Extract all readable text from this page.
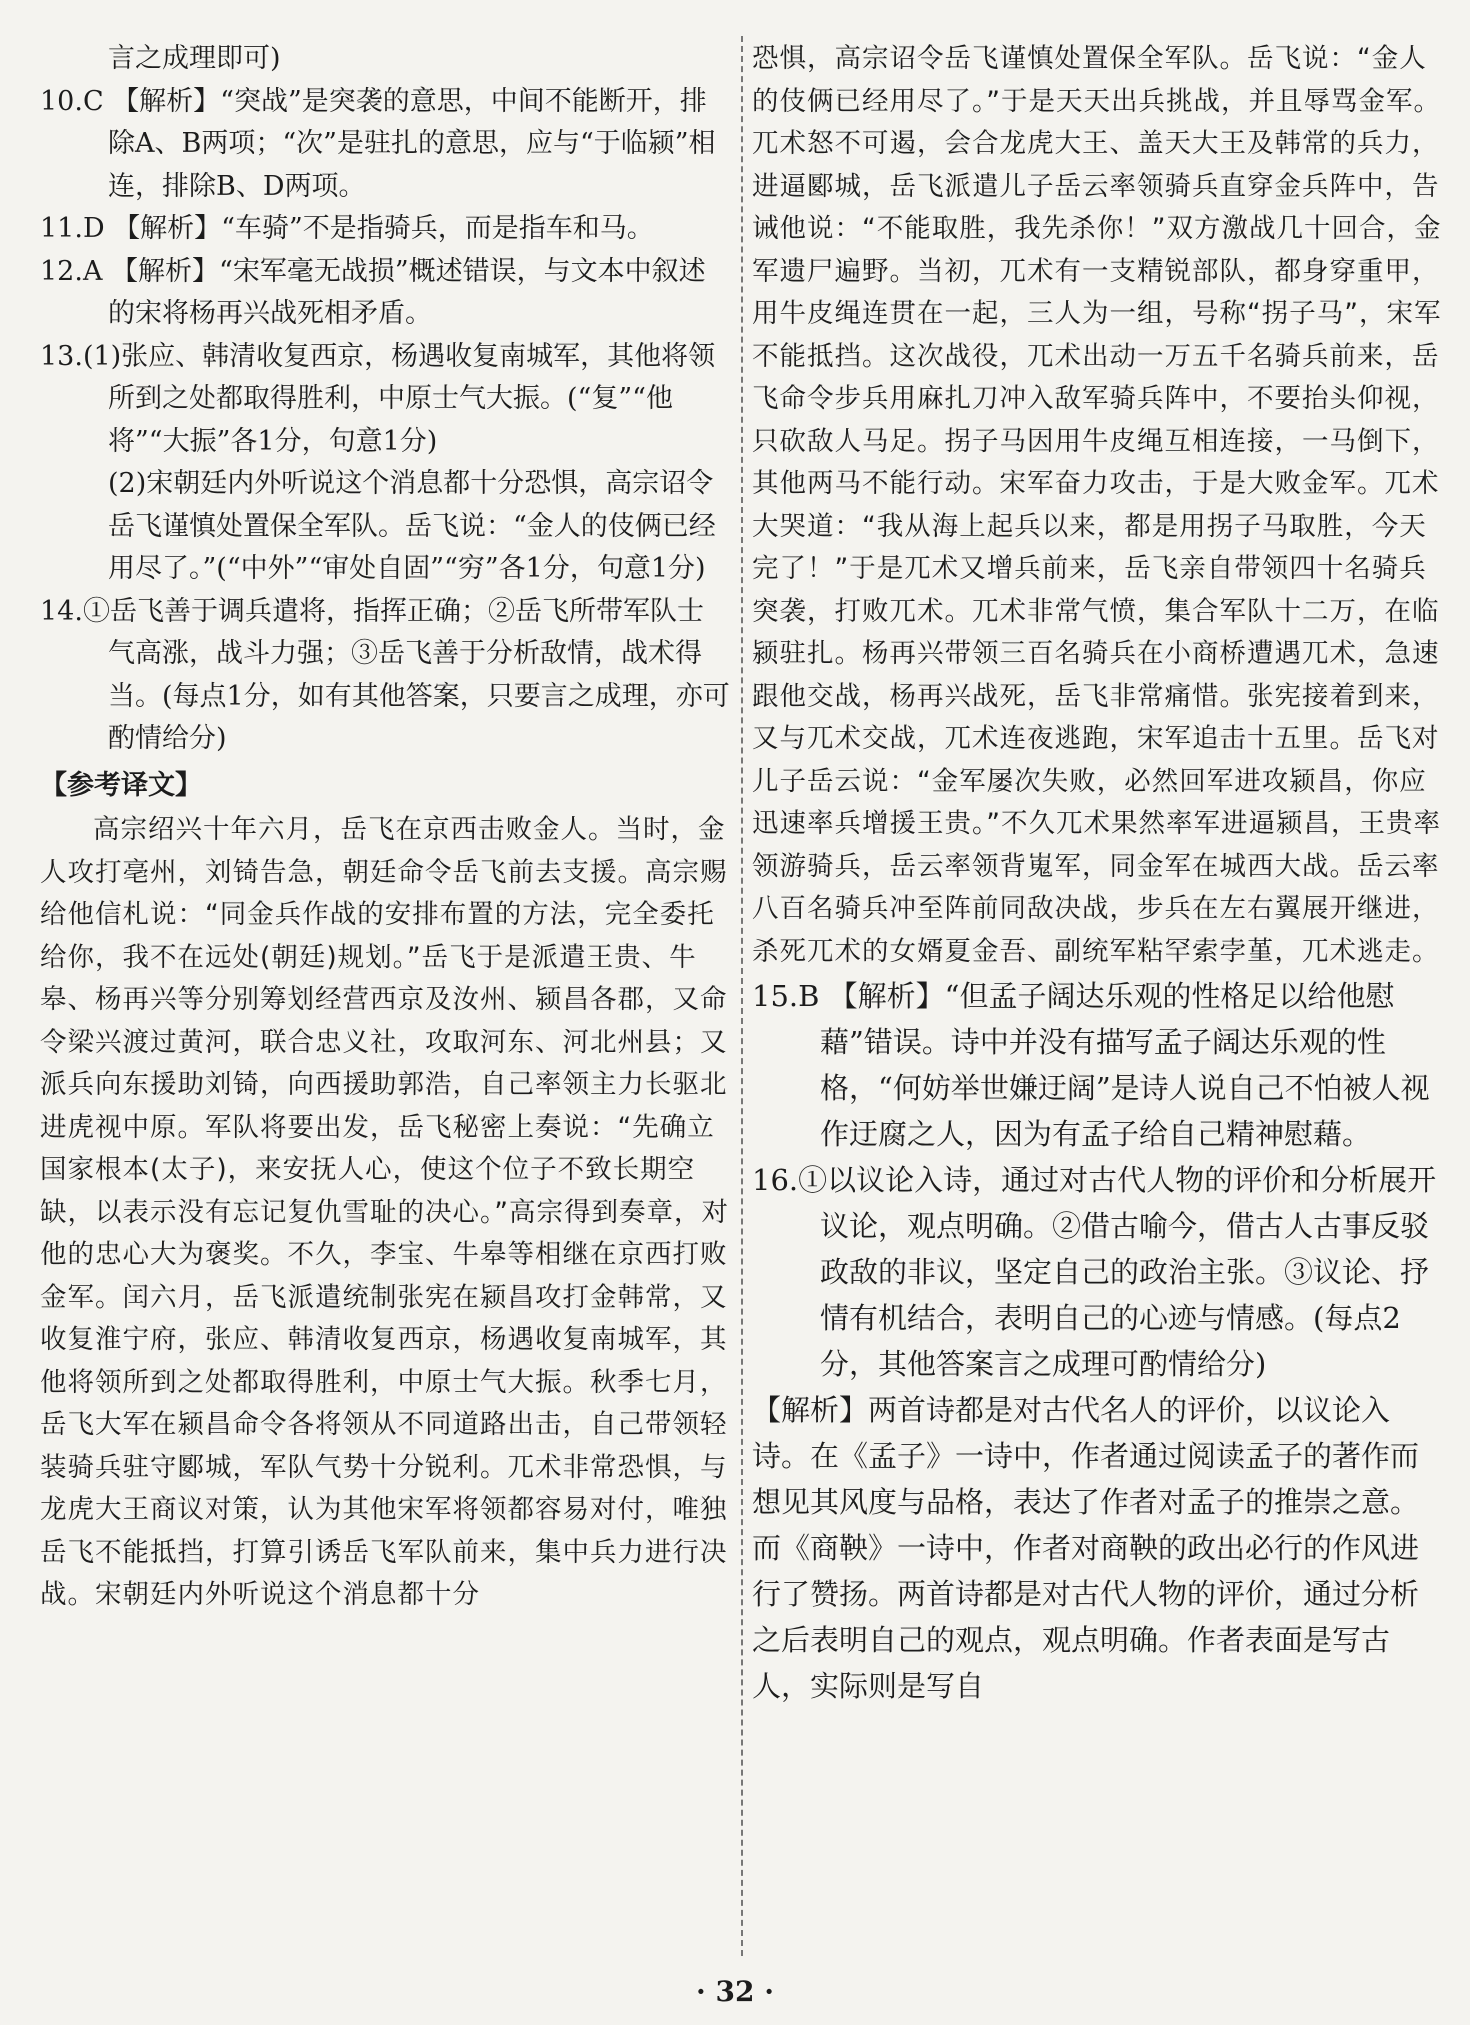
言之成理即可)

10.C 【解析】“突战”是突袭的意思，中间不能断开，排除A、B两项；“次”是驻扎的意思，应与“于临颍”相连，排除B、D两项。

11.D 【解析】“车骑”不是指骑兵，而是指车和马。

12.A 【解析】“宋军毫无战损”概述错误，与文本中叙述的宋将杨再兴战死相矛盾。

13.(1)张应、韩清收复西京，杨遇收复南城军，其他将领所到之处都取得胜利，中原士气大振。(“复”“他将”“大振”各1分，句意1分)

(2)宋朝廷内外听说这个消息都十分恐惧，高宗诏令岳飞谨慎处置保全军队。岳飞说：“金人的伎俩已经用尽了。”(“中外”“审处自固”“穷”各1分，句意1分)

14.①岳飞善于调兵遣将，指挥正确；②岳飞所带军队士气高涨，战斗力强；③岳飞善于分析敌情，战术得当。(每点1分，如有其他答案，只要言之成理，亦可酌情给分)

【参考译文】

高宗绍兴十年六月，岳飞在京西击败金人。当时，金人攻打亳州，刘锜告急，朝廷命令岳飞前去支援。高宗赐给他信札说：“同金兵作战的安排布置的方法，完全委托给你，我不在远处(朝廷)规划。”岳飞于是派遣王贵、牛皋、杨再兴等分别筹划经营西京及汝州、颍昌各郡，又命令梁兴渡过黄河，联合忠义社，攻取河东、河北州县；又派兵向东援助刘锜，向西援助郭浩，自己率领主力长驱北进虎视中原。军队将要出发，岳飞秘密上奏说：“先确立国家根本(太子)，来安抚人心，使这个位子不致长期空缺，以表示没有忘记复仇雪耻的决心。”高宗得到奏章，对他的忠心大为褒奖。不久，李宝、牛皋等相继在京西打败金军。闰六月，岳飞派遣统制张宪在颍昌攻打金韩常，又收复淮宁府，张应、韩清收复西京，杨遇收复南城军，其他将领所到之处都取得胜利，中原士气大振。秋季七月，岳飞大军在颍昌命令各将领从不同道路出击，自己带领轻装骑兵驻守郾城，军队气势十分锐利。兀术非常恐惧，与龙虎大王商议对策，认为其他宋军将领都容易对付，唯独岳飞不能抵挡，打算引诱岳飞军队前来，集中兵力进行决战。宋朝廷内外听说这个消息都十分

恐惧，高宗诏令岳飞谨慎处置保全军队。岳飞说：“金人的伎俩已经用尽了。”于是天天出兵挑战，并且辱骂金军。兀术怒不可遏，会合龙虎大王、盖天大王及韩常的兵力，进逼郾城，岳飞派遣儿子岳云率领骑兵直穿金兵阵中，告诫他说：“不能取胜，我先杀你！”双方激战几十回合，金军遗尸遍野。当初，兀术有一支精锐部队，都身穿重甲，用牛皮绳连贯在一起，三人为一组，号称“拐子马”，宋军不能抵挡。这次战役，兀术出动一万五千名骑兵前来，岳飞命令步兵用麻扎刀冲入敌军骑兵阵中，不要抬头仰视，只砍敌人马足。拐子马因用牛皮绳互相连接，一马倒下，其他两马不能行动。宋军奋力攻击，于是大败金军。兀术大哭道：“我从海上起兵以来，都是用拐子马取胜，今天完了！”于是兀术又增兵前来，岳飞亲自带领四十名骑兵突袭，打败兀术。兀术非常气愤，集合军队十二万，在临颍驻扎。杨再兴带领三百名骑兵在小商桥遭遇兀术，急速跟他交战，杨再兴战死，岳飞非常痛惜。张宪接着到来，又与兀术交战，兀术连夜逃跑，宋军追击十五里。岳飞对儿子岳云说：“金军屡次失败，必然回军进攻颍昌，你应迅速率兵增援王贵。”不久兀术果然率军进逼颍昌，王贵率领游骑兵，岳云率领背嵬军，同金军在城西大战。岳云率八百名骑兵冲至阵前同敌决战，步兵在左右翼展开继进，杀死兀术的女婿夏金吾、副统军粘罕索孛堇，兀术逃走。

15.B 【解析】“但孟子阔达乐观的性格足以给他慰藉”错误。诗中并没有描写孟子阔达乐观的性格，“何妨举世嫌迂阔”是诗人说自己不怕被人视作迂腐之人，因为有孟子给自己精神慰藉。

16.①以议论入诗，通过对古代人物的评价和分析展开议论，观点明确。②借古喻今，借古人古事反驳政敌的非议，坚定自己的政治主张。③议论、抒情有机结合，表明自己的心迹与情感。(每点2分，其他答案言之成理可酌情给分)

【解析】两首诗都是对古代名人的评价，以议论入诗。在《孟子》一诗中，作者通过阅读孟子的著作而想见其风度与品格，表达了作者对孟子的推崇之意。而《商鞅》一诗中，作者对商鞅的政出必行的作风进行了赞扬。两首诗都是对古代人物的评价，通过分析之后表明自己的观点，观点明确。作者表面是写古人，实际则是写自

· 32 ·
